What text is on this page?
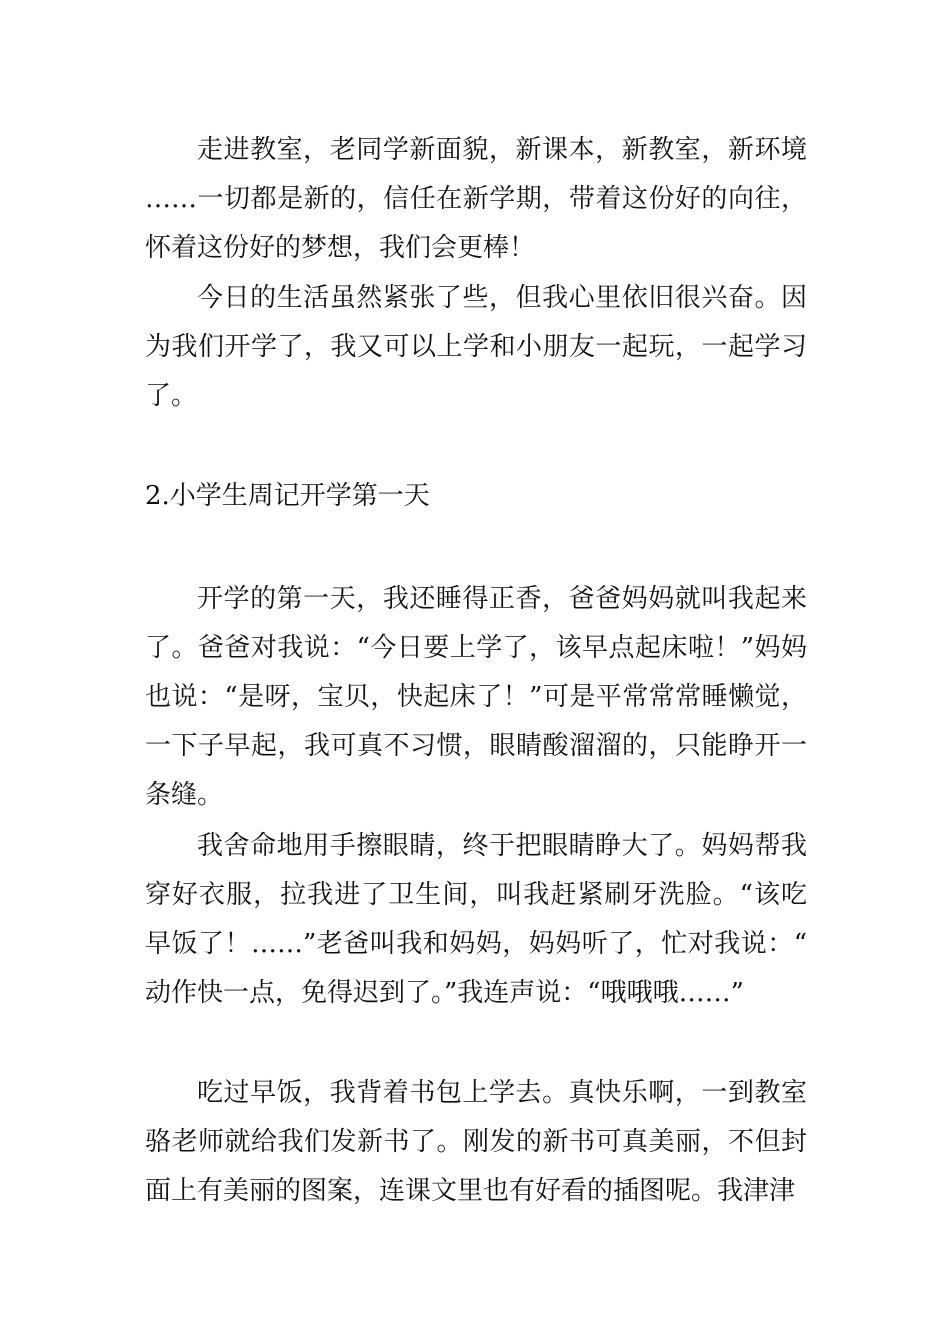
走进教室，老同学新面貌，新课本，新教室，新环境……一切都是新的，信任在新学期，带着这份好的向往，怀着这份好的梦想，我们会更棒！

今日的生活虽然紧张了些，但我心里依旧很兴奋。因为我们开学了，我又可以上学和小朋友一起玩，一起学习了。

2.小学生周记开学第一天

开学的第一天，我还睡得正香，爸爸妈妈就叫我起来了。爸爸对我说：“今日要上学了，该早点起床啦！”妈妈也说：“是呀，宝贝，快起床了！”可是平常常常睡懒觉，一下子早起，我可真不习惯，眼睛酸溜溜的，只能睁开一条缝。

我舍命地用手擦眼睛，终于把眼睛睁大了。妈妈帮我穿好衣服，拉我进了卫生间，叫我赶紧刷牙洗脸。“该吃早饭了！……”老爸叫我和妈妈，妈妈听了，忙对我说：“动作快一点，免得迟到了。”我连声说：“哦哦哦……”

吃过早饭，我背着书包上学去。真快乐啊，一到教室骆老师就给我们发新书了。刚发的新书可真美丽，不但封面上有美丽的图案，连课文里也有好看的插图呢。我津津
